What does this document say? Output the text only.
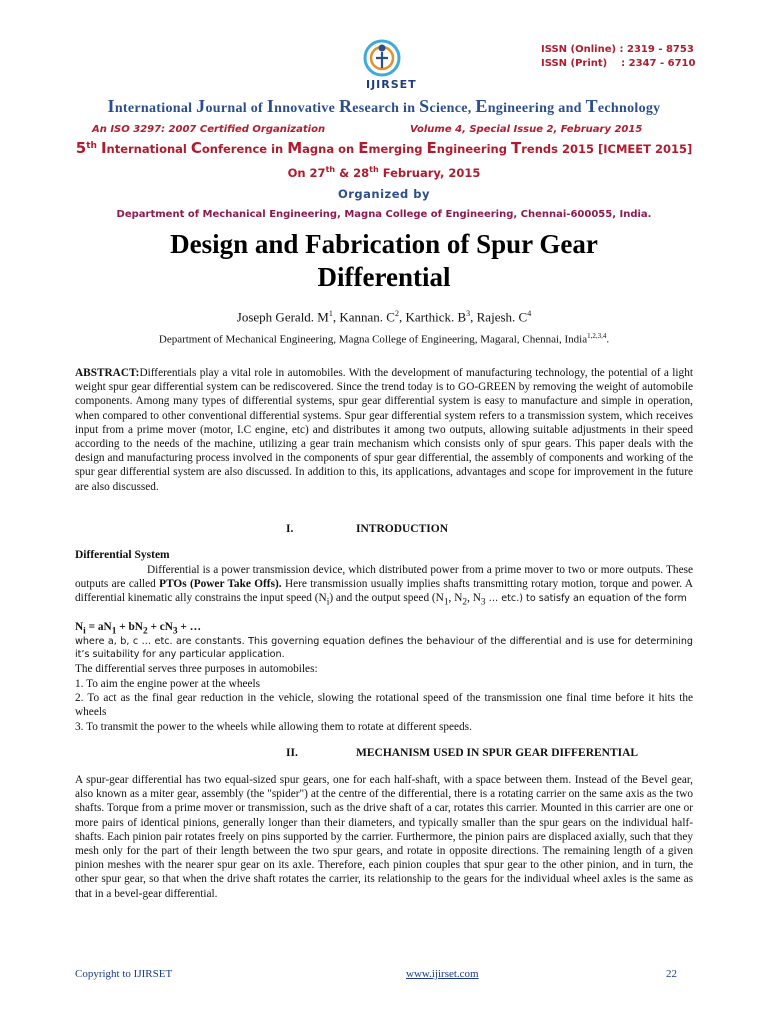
IJIRSET
ISSN (Online) : 2319 - 8753
ISSN (Print)    : 2347 - 6710
International Journal of Innovative Research in Science, Engineering and Technology
An ISO 3297: 2007 Certified Organization	Volume 4, Special Issue 2, February 2015
5th International Conference in Magna on Emerging Engineering Trends 2015 [ICMEET 2015]
On 27th & 28th February, 2015
Organized by
Department of Mechanical Engineering, Magna College of Engineering, Chennai-600055, India.
Design and Fabrication of Spur Gear
Differential
Joseph Gerald. $M^1$, Kannan. $C^2$, Karthick. $B^3$, Rajesh. $C^4$
Department of Mechanical Engineering, Magna College of Engineering, Magaral, Chennai, India$^{1,2,3,4}$.
ABSTRACT:Differentials play a vital role in automobiles. With the development of manufacturing technology, the potential of a light weight spur gear differential system can be rediscovered. Since the trend today is to GO-GREEN by removing the weight of automobile components. Among many types of differential systems, spur gear differential system is easy to manufacture and simple in operation, when compared to other conventional differential systems. Spur gear differential system refers to a transmission system, which receives input from a prime mover (motor, I.C engine, etc) and distributes it among two outputs, allowing suitable adjustments in their speed according to the needs of the machine, utilizing a gear train mechanism which consists only of spur gears. This paper deals with the design and manufacturing process involved in the components of spur gear differential, the assembly of components and working of the spur gear differential system are also discussed. In addition to this, its applications, advantages and scope for improvement in the future are also discussed.
I.	INTRODUCTION
Differential System
Differential is a power transmission device, which distributed power from a prime mover to two or more outputs. These outputs are called PTOs (Power Take Offs). Here transmission usually implies shafts transmitting rotary motion, torque and power. A differential kinematic ally constrains the input speed $(N_i)$ and the output speed ($N_1$, $N_2$, $N_3$ … etc.) to satisfy an equation of the form
$N_i = aN_1 + bN_2 + cN_3$ + …
where a, b, c … etc. are constants. This governing equation defines the behaviour of the differential and is use for determining it’s suitability for any particular application.
The differential serves three purposes in automobiles:
1. To aim the engine power at the wheels
2. To act as the final gear reduction in the vehicle, slowing the rotational speed of the transmission one final time before it hits the wheels
3. To transmit the power to the wheels while allowing them to rotate at different speeds.
II.	MECHANISM USED IN SPUR GEAR DIFFERENTIAL
A spur-gear differential has two equal-sized spur gears, one for each half-shaft, with a space between them. Instead of the Bevel gear, also known as a miter gear, assembly (the "spider") at the centre of the differential, there is a rotating carrier on the same axis as the two shafts. Torque from a prime mover or transmission, such as the drive shaft of a car, rotates this carrier. Mounted in this carrier are one or more pairs of identical pinions, generally longer than their diameters, and typically smaller than the spur gears on the individual half-shafts. Each pinion pair rotates freely on pins supported by the carrier. Furthermore, the pinion pairs are displaced axially, such that they mesh only for the part of their length between the two spur gears, and rotate in opposite directions. The remaining length of a given pinion meshes with the nearer spur gear on its axle. Therefore, each pinion couples that spur gear to the other pinion, and in turn, the other spur gear, so that when the drive shaft rotates the carrier, its relationship to the gears for the individual wheel axles is the same as that in a bevel-gear differential.
Copyright to IJIRSET	www.ijirset.com	22
